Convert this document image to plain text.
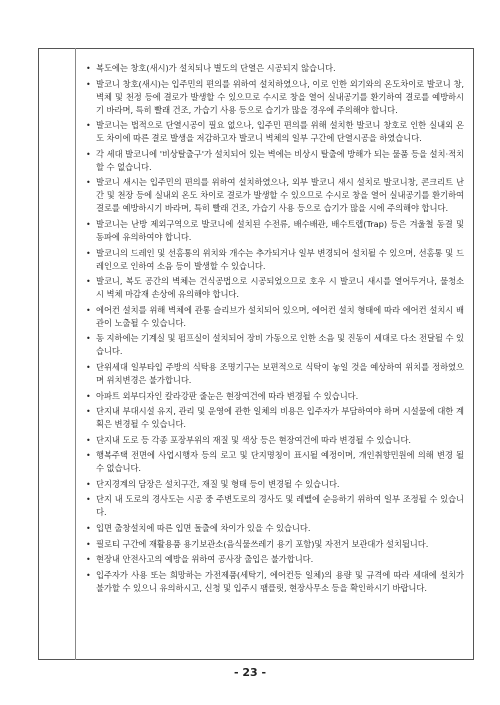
• 복도에는 창호(새시)가 설치되나 별도의 단열은 시공되지 않습니다.
• 발코니 창호(새시)는 입주민의 편의를 위하여 설치하였으나, 이로 인한 외기와의 온도차이로 발코니 창, 벽체 및 천정 등에 결로가 발생할 수 있으므로 수시로 창을 열어 실내공기를 환기하여 결로를 예방하시기 바라며, 특히 빨래 건조, 가습기 사용 등으로 습기가 많을 경우에 주의해야 합니다.
• 발코니는 법적으로 단열시공이 필요 없으나, 입주민 편의를 위해 설치한 발코니 창호로 인한 실내외 온도 차이에 따른 결로 발생을 저감하고자 발코니 벽체의 일부 구간에 단열시공을 하였습니다.
• 각 세대 발코니에 '비상탈출구'가 설치되어 있는 벽에는 비상시 탈출에 방해가 되는 물품 등을 설치·적치할 수 없습니다.
• 발코니 새시는 입주민의 편의를 위하여 설치하였으나, 외부 발코니 새시 설치로 발코니창, 콘크리트 난간 및 천장 등에 실내외 온도 차이로 결로가 발생할 수 있으므로 수시로 창을 열어 실내공기를 환기하여 결로를 예방하시기 바라며, 특히 빨래 건조, 가습기 사용 등으로 습기가 많을 시에 주의해야 합니다.
• 발코니는 난방 제외구역으로 발코니에 설치된 수전류, 배수배관, 배수트랩(Trap) 등은 겨울철 동결 및 동파에 유의하여야 합니다.
• 발코니의 드레인 및 선홈통의 위치와 개수는 추가되거나 일부 변경되어 설치될 수 있으며, 선홈통 및 드레인으로 인하여 소음 등이 발생할 수 있습니다.
• 발코니, 복도 공간의 벽체는 건식공법으로 시공되었으므로 호우 시 발코니 새시를 열어두거나, 물청소 시 벽체 마감재 손상에 유의해야 합니다.
• 에어컨 설치를 위해 벽체에 관통 슬리브가 설치되어 있으며, 에어컨 설치 형태에 따라 에어컨 설치시 배관이 노출될 수 있습니다.
• 동 지하에는 기계실 및 펌프실이 설치되어 장비 가동으로 인한 소음 및 진동이 세대로 다소 전달될 수 있습니다.
• 단위세대 일부타입 주방의 식탁용 조명기구는 보편적으로 식탁이 놓일 것을 예상하여 위치를 정하였으며 위치변경은 불가합니다.
• 아파트 외부디자인 칼라강판 줄눈은 현장여건에 따라 변경될 수 있습니다.
• 단지내 부대시설 유지, 관리 및 운영에 관한 일체의 비용은 입주자가 부담하여야 하며 시설물에 대한 계획은 변경될 수 있습니다.
• 단지내 도로 등 각종 포장부위의 재질 및 색상 등은 현장여건에 따라 변경될 수 있습니다.
• 행복주택 전면에 사업시행자 등의 로고 및 단지명칭이 표시될 예정이며, 개인취향민원에 의해 변경 될 수 없습니다.
• 단지경계의 담장은 설치구간, 재질 및 형태 등이 변경될 수 있습니다.
• 단지 내 도로의 경사도는 시공 중 주변도로의 경사도 및 레벨에 순응하기 위하여 일부 조정될 수 있습니다.
• 입면 출창설치에 따른 입면 돌출에 차이가 있을 수 있습니다.
• 필로티 구간에 재활용품 용기보관소(음식물쓰레기 용기 포함)및 자전거 보관대가 설치됩니다.
• 현장내 안전사고의 예방을 위하여 공사장 출입은 불가합니다.
• 입주자가 사용 또는 희망하는 가전제품(세탁기, 에어컨등 일체)의 용량 및 규격에 따라 세대에 설치가 불가할 수 있으니 유의하시고, 신청 및 입주시 팸플릿, 현장사무소 등을 확인하시기 바랍니다.
- 23 -
